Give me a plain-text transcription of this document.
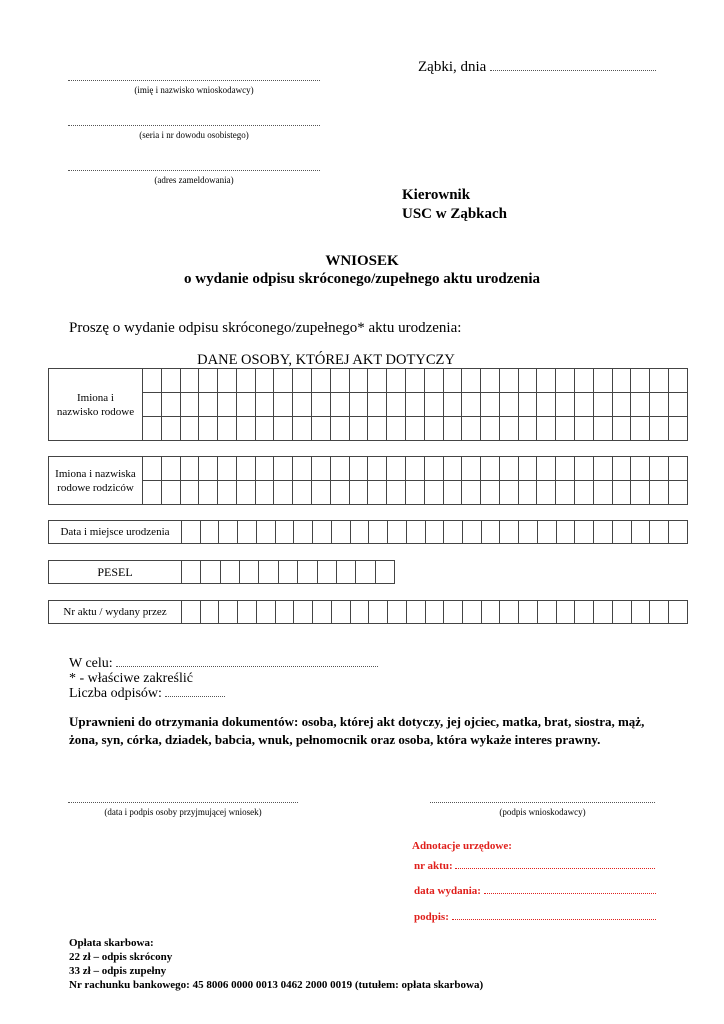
Ząbki, dnia
(imię i nazwisko wnioskodawcy)
(seria i nr dowodu osobistego)
(adres zameldowania)
Kierownik
USC w Ząbkach
WNIOSEK
o wydanie odpisu skróconego/zupełnego aktu urodzenia
Proszę o wydanie odpisu skróconego/zupełnego* aktu urodzenia:
DANE OSOBY, KTÓREJ AKT DOTYCZY
Imiona i
nazwisko rodowe																													

Imiona i nazwiska
rodowe rodziców																													

Data i miejsce urodzenia																											
PESEL											
Nr aktu / wydany przez																											
W celu:
* - właściwe zakreślić
Liczba odpisów:
Uprawnieni do otrzymania dokumentów: osoba, której akt dotyczy, jej ojciec, matka, brat, siostra, mąż, żona, syn, córka, dziadek, babcia, wnuk, pełnomocnik oraz osoba, która wykaże interes prawny.
(data i podpis osoby przyjmującej wniosek)	(podpis wnioskodawcy)
Adnotacje urzędowe:
nr aktu:
data wydania:
podpis:
Opłata skarbowa:
22 zł – odpis skrócony
33 zł – odpis zupełny
Nr rachunku bankowego: 45 8006 0000 0013 0462 2000 0019 (tutułem: opłata skarbowa)
